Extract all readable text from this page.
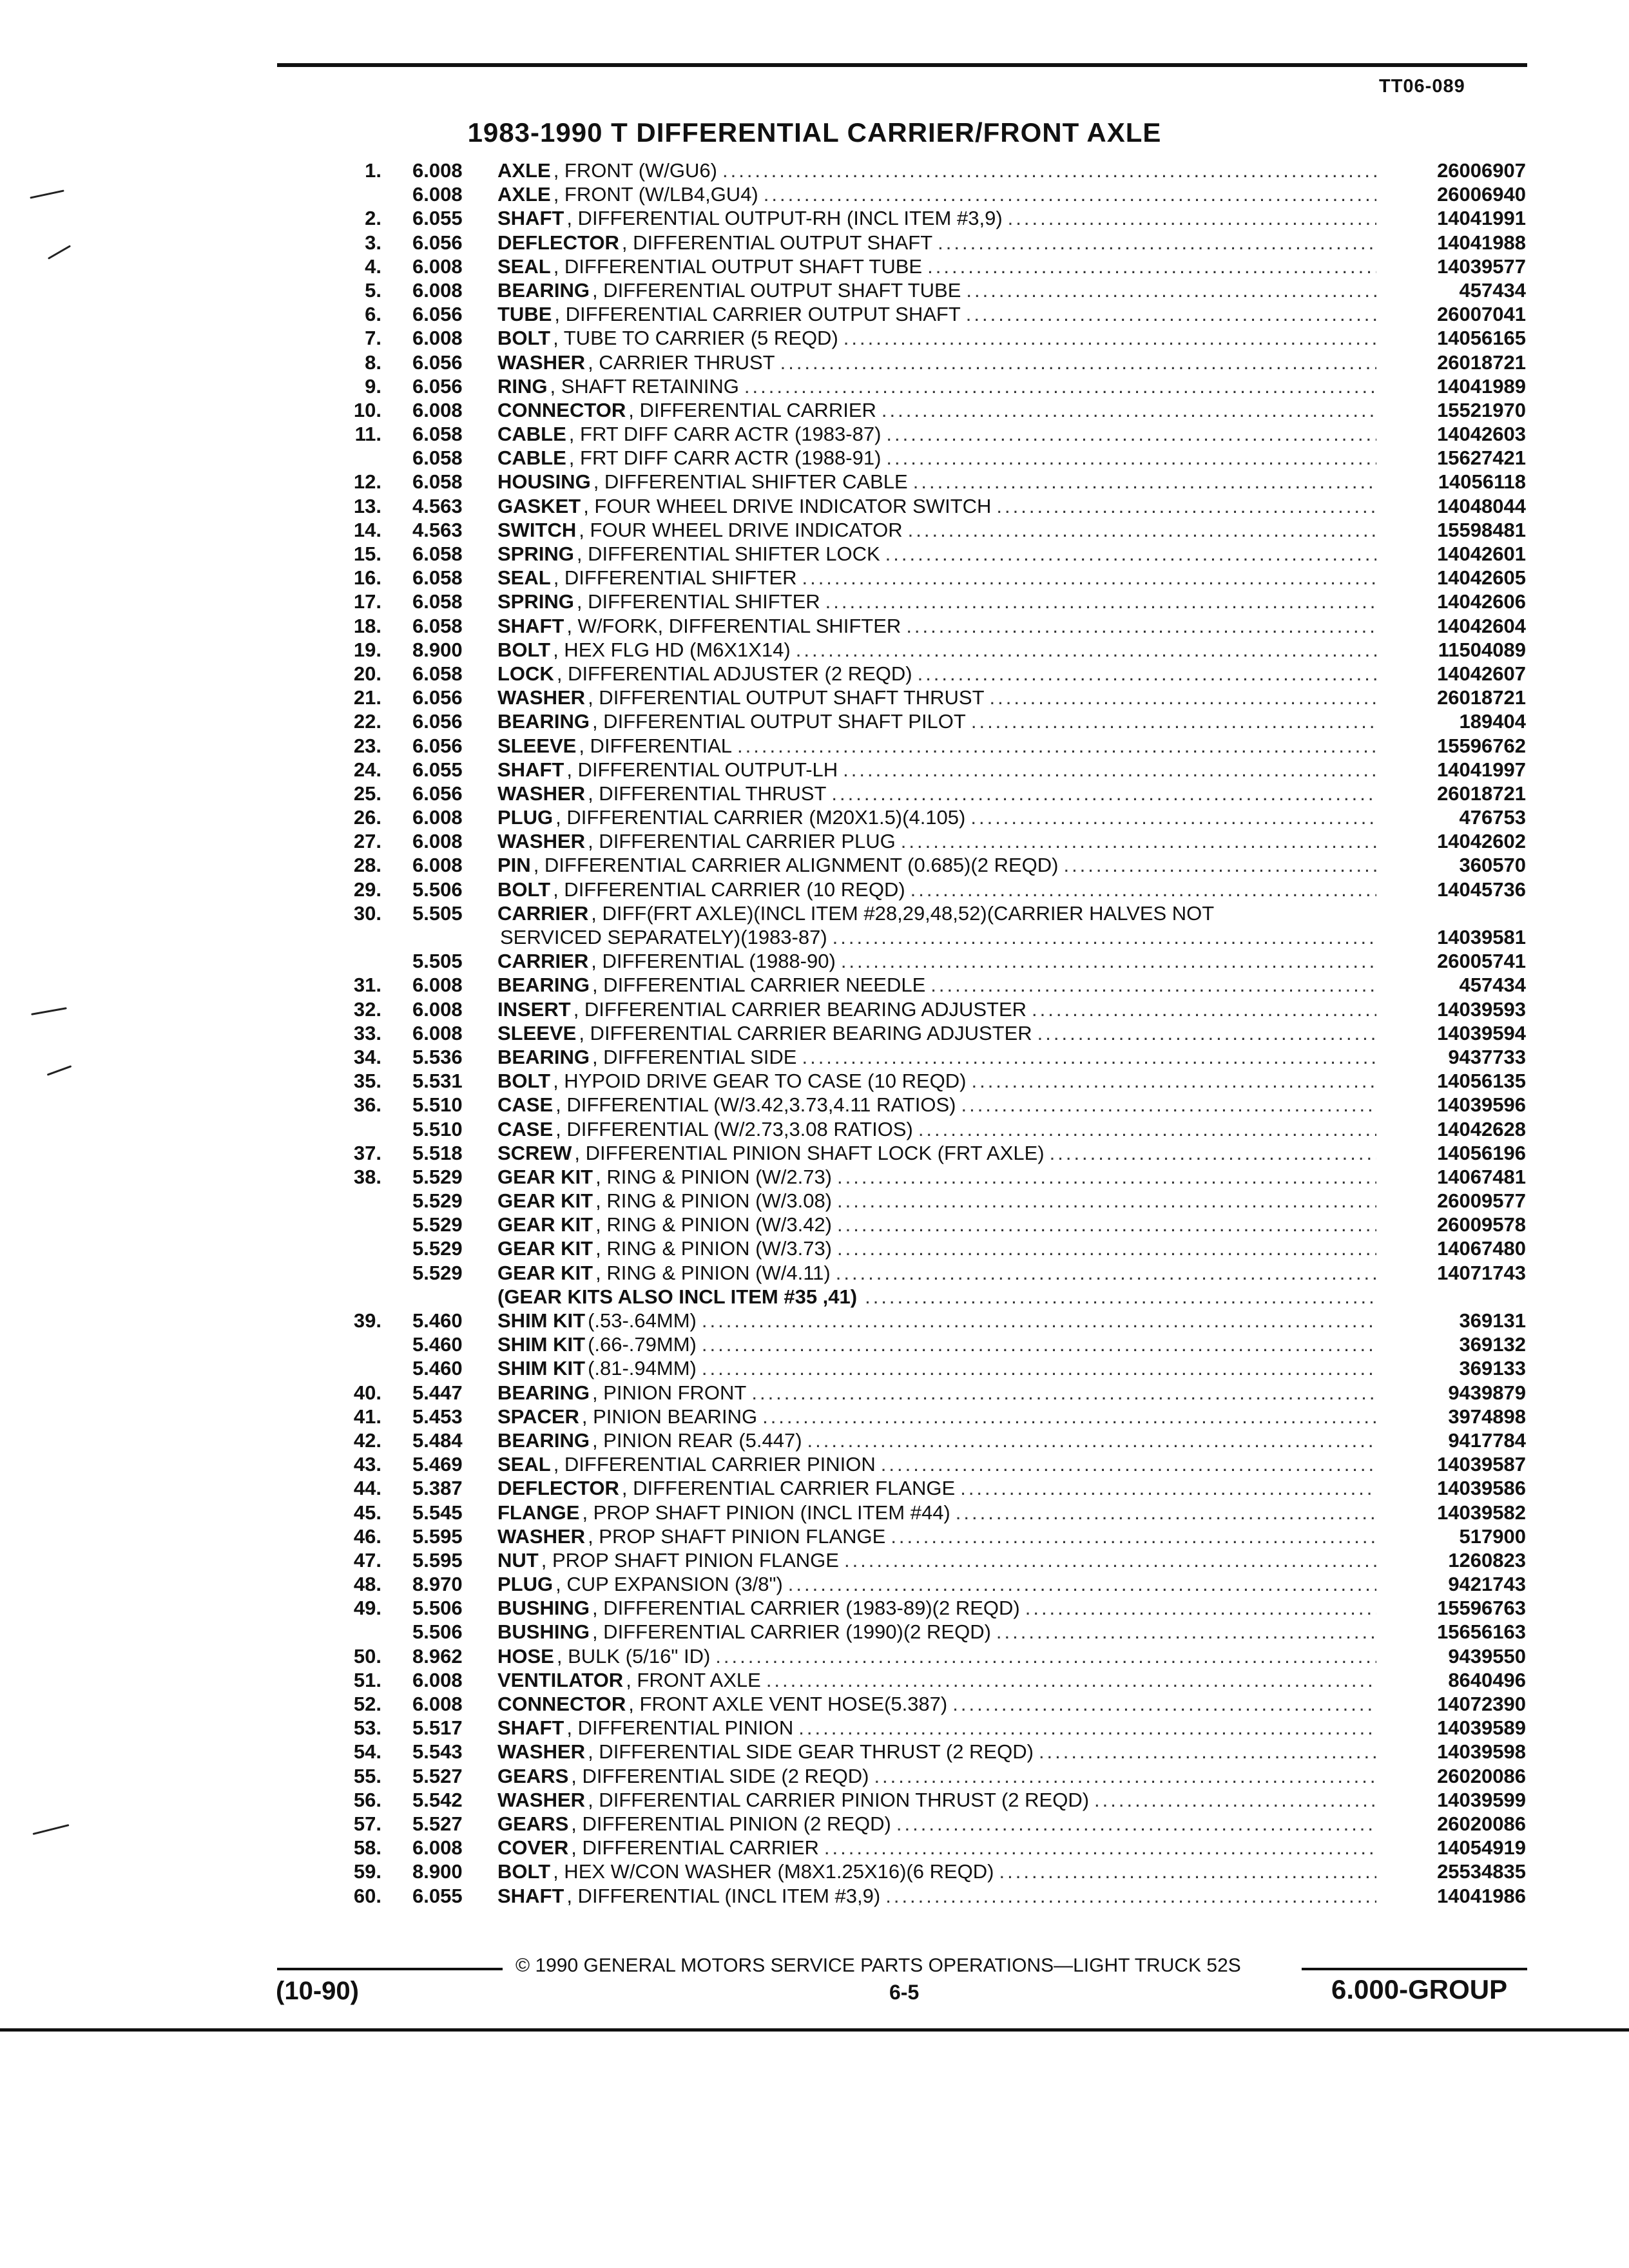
TT06-089
1983-1990 T DIFFERENTIAL CARRIER/FRONT AXLE
1. 6.008 AXLE , FRONT (W/GU6) .....	26006907
6.008 AXLE , FRONT (W/LB4,GU4) .....	26006940
2. 6.055 SHAFT , DIFFERENTIAL OUTPUT-RH (INCL ITEM #3,9) .....	14041991
3. 6.056 DEFLECTOR , DIFFERENTIAL OUTPUT SHAFT .....	14041988
4. 6.008 SEAL , DIFFERENTIAL OUTPUT SHAFT TUBE .....	14039577
5. 6.008 BEARING , DIFFERENTIAL OUTPUT SHAFT TUBE .....	457434
6. 6.056 TUBE , DIFFERENTIAL CARRIER OUTPUT SHAFT .....	26007041
7. 6.008 BOLT , TUBE TO CARRIER (5 REQD) .....	14056165
8. 6.056 WASHER , CARRIER THRUST .....	26018721
9. 6.056 RING , SHAFT RETAINING .....	14041989
10. 6.008 CONNECTOR , DIFFERENTIAL CARRIER .....	15521970
11. 6.058 CABLE , FRT DIFF CARR ACTR (1983-87) .....	14042603
6.058 CABLE , FRT DIFF CARR ACTR (1988-91) .....	15627421
12. 6.058 HOUSING , DIFFERENTIAL SHIFTER CABLE .....	14056118
13. 4.563 GASKET , FOUR WHEEL DRIVE INDICATOR SWITCH .....	14048044
14. 4.563 SWITCH , FOUR WHEEL DRIVE INDICATOR .....	15598481
15. 6.058 SPRING , DIFFERENTIAL SHIFTER LOCK .....	14042601
16. 6.058 SEAL , DIFFERENTIAL SHIFTER .....	14042605
17. 6.058 SPRING , DIFFERENTIAL SHIFTER .....	14042606
18. 6.058 SHAFT , W/FORK, DIFFERENTIAL SHIFTER .....	14042604
19. 8.900 BOLT , HEX FLG HD (M6X1X14) .....	11504089
20. 6.058 LOCK , DIFFERENTIAL ADJUSTER (2 REQD) .....	14042607
21. 6.056 WASHER , DIFFERENTIAL OUTPUT SHAFT THRUST .....	26018721
22. 6.056 BEARING , DIFFERENTIAL OUTPUT SHAFT PILOT .....	189404
23. 6.056 SLEEVE , DIFFERENTIAL .....	15596762
24. 6.055 SHAFT , DIFFERENTIAL OUTPUT-LH .....	14041997
25. 6.056 WASHER , DIFFERENTIAL THRUST .....	26018721
26. 6.008 PLUG , DIFFERENTIAL CARRIER (M20X1.5)(4.105) .....	476753
27. 6.008 WASHER , DIFFERENTIAL CARRIER PLUG .....	14042602
28. 6.008 PIN , DIFFERENTIAL CARRIER ALIGNMENT (0.685)(2 REQD) .....	360570
29. 5.506 BOLT , DIFFERENTIAL CARRIER (10 REQD) .....	14045736
30. 5.505 CARRIER , DIFF(FRT AXLE)(INCL ITEM #28,29,48,52)(CARRIER HALVES NOT
SERVICED SEPARATELY)(1983-87) .....	14039581
5.505 CARRIER , DIFFERENTIAL (1988-90) .....	26005741
31. 6.008 BEARING , DIFFERENTIAL CARRIER NEEDLE .....	457434
32. 6.008 INSERT , DIFFERENTIAL CARRIER BEARING ADJUSTER .....	14039593
33. 6.008 SLEEVE , DIFFERENTIAL CARRIER BEARING ADJUSTER .....	14039594
34. 5.536 BEARING , DIFFERENTIAL SIDE .....	9437733
35. 5.531 BOLT , HYPOID DRIVE GEAR TO CASE (10 REQD) .....	14056135
36. 5.510 CASE , DIFFERENTIAL (W/3.42,3.73,4.11 RATIOS) .....	14039596
5.510 CASE , DIFFERENTIAL (W/2.73,3.08 RATIOS) .....	14042628
37. 5.518 SCREW , DIFFERENTIAL PINION SHAFT LOCK (FRT AXLE) .....	14056196
38. 5.529 GEAR KIT , RING & PINION (W/2.73) .....	14067481
5.529 GEAR KIT , RING & PINION (W/3.08) .....	26009577
5.529 GEAR KIT , RING & PINION (W/3.42) .....	26009578
5.529 GEAR KIT , RING & PINION (W/3.73) .....	14067480
5.529 GEAR KIT , RING & PINION (W/4.11) .....	14071743
(GEAR KITS ALSO INCL ITEM #35 ,41)
.....
39. 5.460 SHIM KIT (.53-.64MM) .....	369131
5.460 SHIM KIT (.66-.79MM) .....	369132
5.460 SHIM KIT (.81-.94MM) .....	369133
40. 5.447 BEARING , PINION FRONT .....	9439879
41. 5.453 SPACER , PINION BEARING .....	3974898
42. 5.484 BEARING , PINION REAR (5.447) .....	9417784
43. 5.469 SEAL , DIFFERENTIAL CARRIER PINION .....	14039587
44. 5.387 DEFLECTOR , DIFFERENTIAL CARRIER FLANGE .....	14039586
45. 5.545 FLANGE , PROP SHAFT PINION (INCL ITEM #44) .....	14039582
46. 5.595 WASHER , PROP SHAFT PINION FLANGE .....	517900
47. 5.595 NUT , PROP SHAFT PINION FLANGE .....	1260823
48. 8.970 PLUG , CUP EXPANSION (3/8") .....	9421743
49. 5.506 BUSHING , DIFFERENTIAL CARRIER (1983-89)(2 REQD) .....	15596763
5.506 BUSHING , DIFFERENTIAL CARRIER (1990)(2 REQD) .....	15656163
50. 8.962 HOSE , BULK (5/16" ID) .....	9439550
51. 6.008 VENTILATOR , FRONT AXLE .....	8640496
52. 6.008 CONNECTOR , FRONT AXLE VENT HOSE(5.387) .....	14072390
53. 5.517 SHAFT , DIFFERENTIAL PINION .....	14039589
54. 5.543 WASHER , DIFFERENTIAL SIDE GEAR THRUST (2 REQD) .....	14039598
55. 5.527 GEARS , DIFFERENTIAL SIDE (2 REQD) .....	26020086
56. 5.542 WASHER , DIFFERENTIAL CARRIER PINION THRUST (2 REQD) .....	14039599
57. 5.527 GEARS , DIFFERENTIAL PINION (2 REQD) .....	26020086
58. 6.008 COVER , DIFFERENTIAL CARRIER .....	14054919
59. 8.900 BOLT , HEX W/CON WASHER (M8X1.25X16)(6 REQD) .....	25534835
60. 6.055 SHAFT , DIFFERENTIAL (INCL ITEM #3,9) .....	14041986
© 1990 GENERAL MOTORS SERVICE PARTS OPERATIONS—LIGHT TRUCK 52S
(10-90)	6-5	6.000-GROUP
